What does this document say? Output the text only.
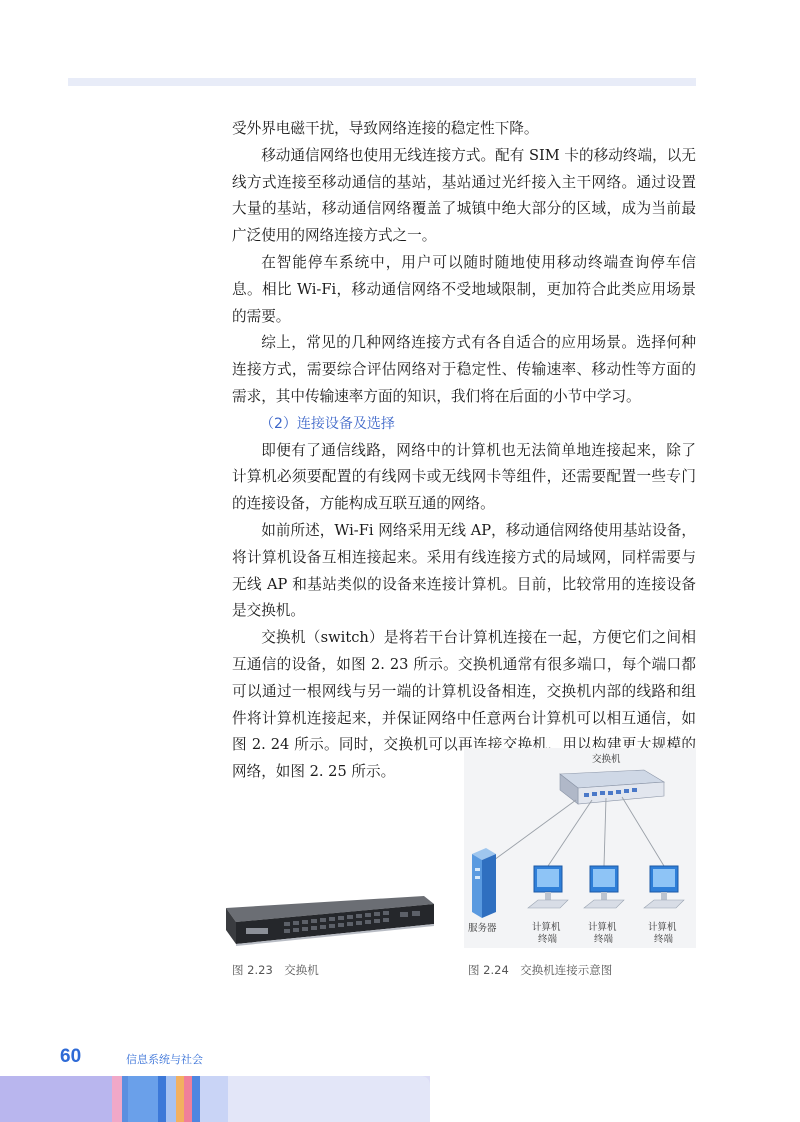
受外界电磁干扰，导致网络连接的稳定性下降。

移动通信网络也使用无线连接方式。配有 SIM 卡的移动终端，以无线方式连接至移动通信的基站，基站通过光纤接入主干网络。通过设置大量的基站，移动通信网络覆盖了城镇中绝大部分的区域，成为当前最广泛使用的网络连接方式之一。

在智能停车系统中，用户可以随时随地使用移动终端查询停车信息。相比 Wi-Fi，移动通信网络不受地域限制，更加符合此类应用场景的需要。

综上，常见的几种网络连接方式有各自适合的应用场景。选择何种连接方式，需要综合评估网络对于稳定性、传输速率、移动性等方面的需求，其中传输速率方面的知识，我们将在后面的小节中学习。

（2）连接设备及选择

即便有了通信线路，网络中的计算机也无法简单地连接起来，除了计算机必须要配置的有线网卡或无线网卡等组件，还需要配置一些专门的连接设备，方能构成互联互通的网络。

如前所述，Wi-Fi 网络采用无线 AP，移动通信网络使用基站设备，将计算机设备互相连接起来。采用有线连接方式的局域网，同样需要与无线 AP 和基站类似的设备来连接计算机。目前，比较常用的连接设备是交换机。

交换机（switch）是将若干台计算机连接在一起，方便它们之间相互通信的设备，如图 2. 23 所示。交换机通常有很多端口，每个端口都可以通过一根网线与另一端的计算机设备相连，交换机内部的线路和组件将计算机连接起来，并保证网络中任意两台计算机可以相互通信，如图 2. 24 所示。同时，交换机可以再连接交换机，用以构建更大规模的网络，如图 2. 25 所示。

交换机
服务器	计算机
终端
计算机
终端
计算机
终端
图 2.23　交换机	图 2.24　交换机连接示意图
60	信息系统与社会
